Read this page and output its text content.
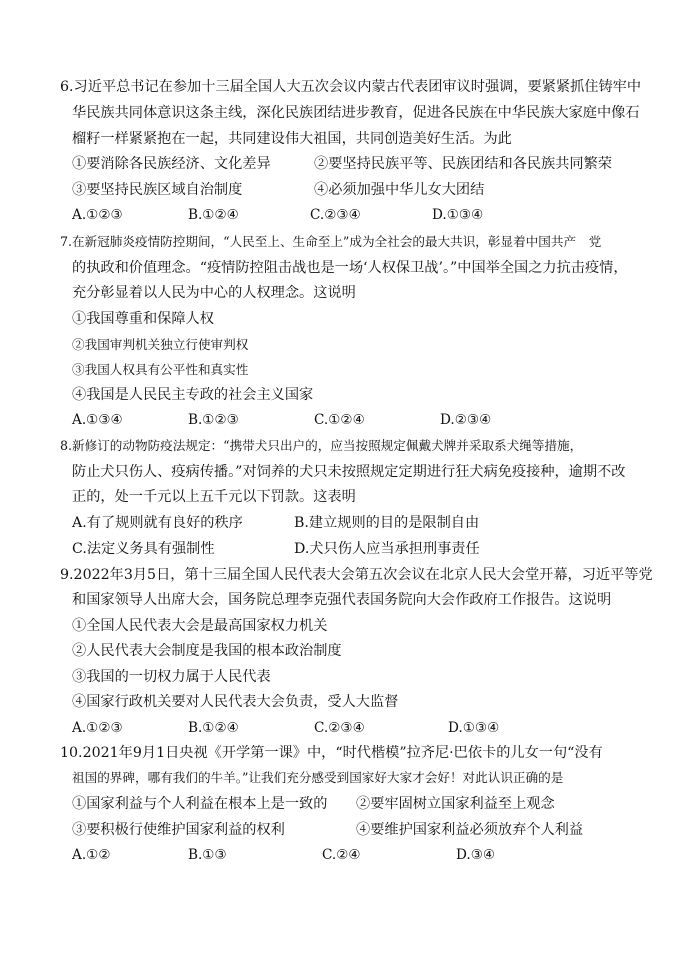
6.习近平总书记在参加十三届全国人大五次会议内蒙古代表团审议时强调，要紧紧抓住铸牢中
华民族共同体意识这条主线，深化民族团结进步教育，促进各民族在中华民族大家庭中像石
榴籽一样紧紧抱在一起，共同建设伟大祖国，共同创造美好生活。为此
①要消除各民族经济、文化差异	②要坚持民族平等、民族团结和各民族共同繁荣
③要坚持民族区域自治制度	④必须加强中华儿女大团结
A.①②③	B.①②④	C.②③④	D.①③④
7.在新冠肺炎疫情防控期间，“人民至上、生命至上”成为全社会的最大共识，彰显着中国共产　党
的执政和价值理念。“疫情防控阻击战也是一场‘人权保卫战’。”中国举全国之力抗击疫情，
充分彰显着以人民为中心的人权理念。这说明
①我国尊重和保障人权
②我国审判机关独立行使审判权
③我国人权具有公平性和真实性
④我国是人民民主专政的社会主义国家
A.①③④	B.①②③	C.①②④	D.②③④
8.新修订的动物防疫法规定：“携带犬只出户的，应当按照规定佩戴犬牌并采取系犬绳等措施，
防止犬只伤人、疫病传播。”对饲养的犬只未按照规定定期进行狂犬病免疫接种，逾期不改
正的，处一千元以上五千元以下罚款。这表明
A.有了规则就有良好的秩序	B.建立规则的目的是限制自由
C.法定义务具有强制性	D.犬只伤人应当承担刑事责任
9.2022年3月5日，第十三届全国人民代表大会第五次会议在北京人民大会堂开幕，习近平等党
和国家领导人出席大会，国务院总理李克强代表国务院向大会作政府工作报告。这说明
①全国人民代表大会是最高国家权力机关
②人民代表大会制度是我国的根本政治制度
③我国的一切权力属于人民代表
④国家行政机关要对人民代表大会负责，受人大监督
A.①②③	B.①②④	C.②③④	D.①③④
10.2021年9月1日央视《开学第一课》中，“时代楷模”拉齐尼·巴依卡的儿女一句“没有
祖国的界碑，哪有我们的牛羊。”让我们充分感受到国家好大家才会好！对此认识正确的是
①国家利益与个人利益在根本上是一致的 ②要牢固树立国家利益至上观念
③要积极行使维护国家利益的权利	④要维护国家利益必须放弃个人利益
A.①②	B.①③	C.②④	D.③④
